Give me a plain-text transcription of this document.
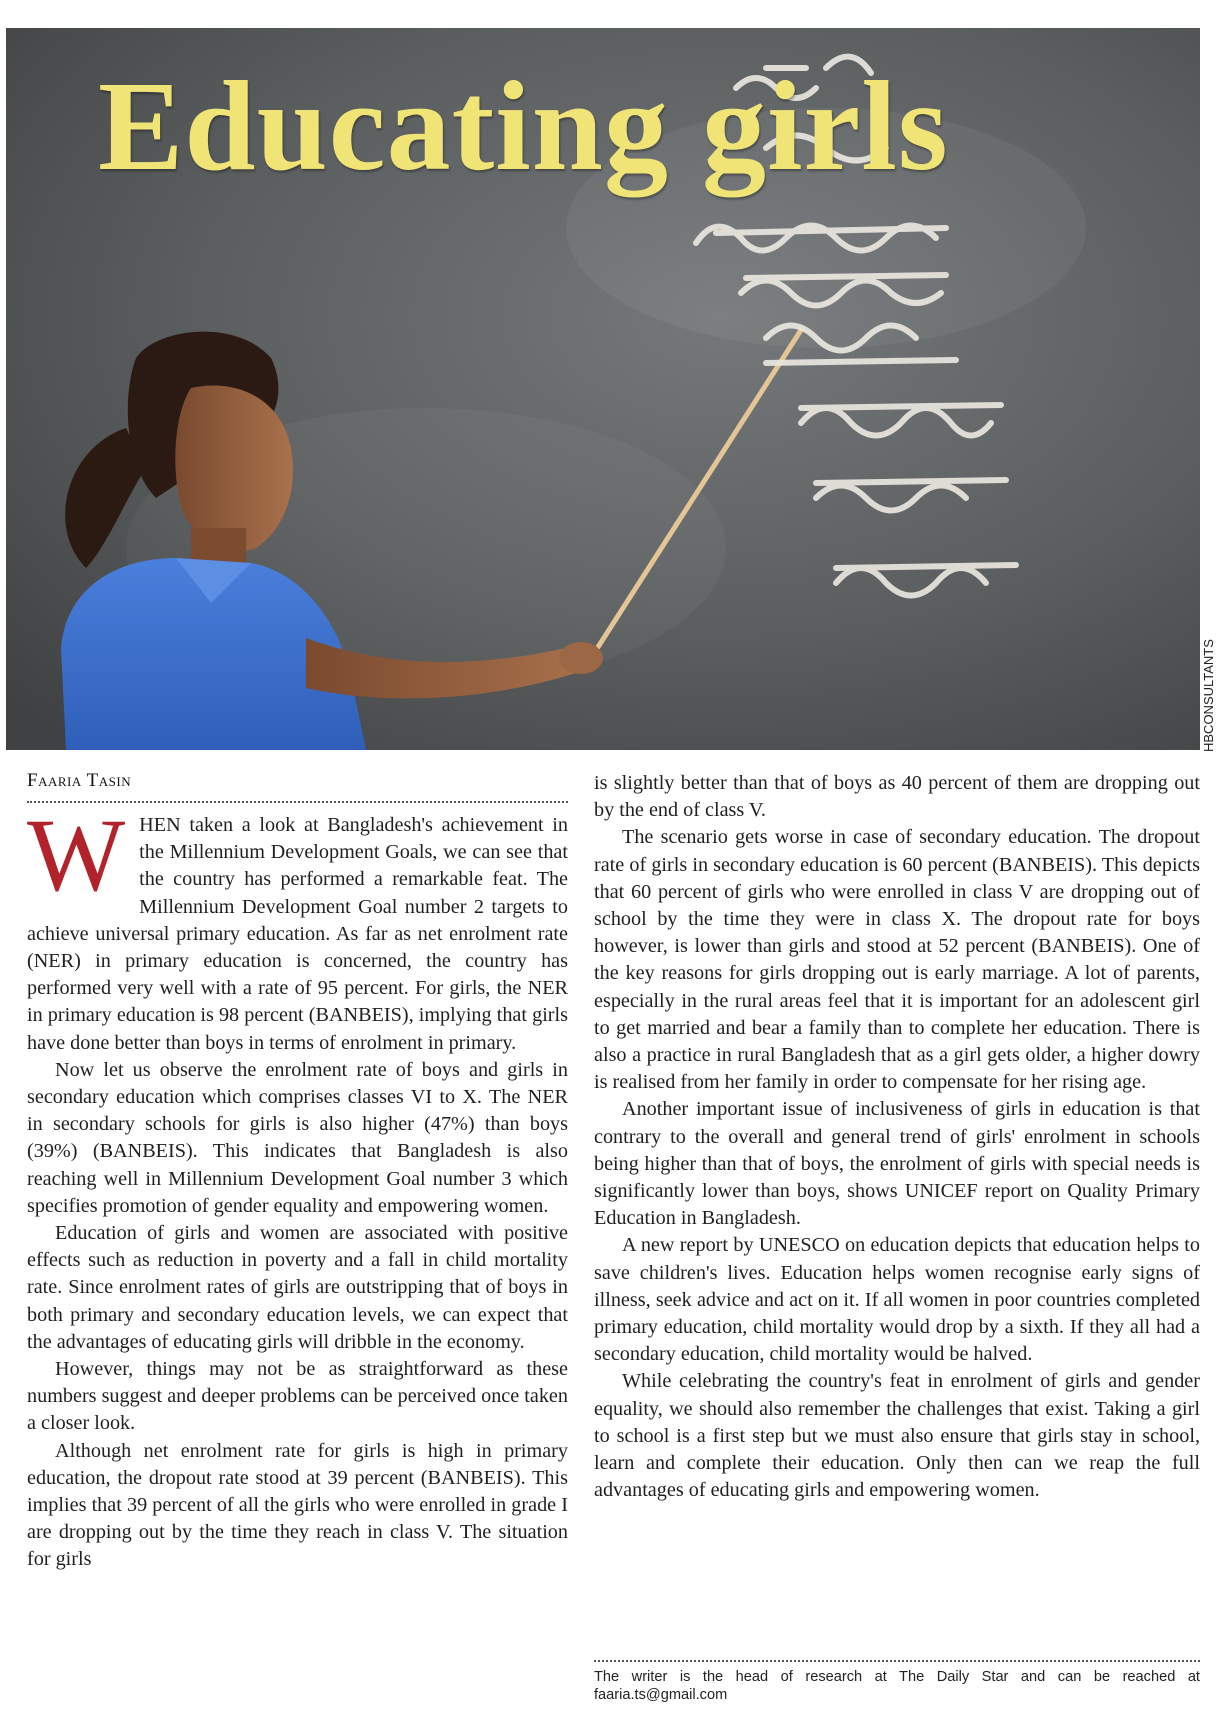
Educating girls
HBCONSULTANTS
Faaria Tasin

WHEN taken a look at Bangladesh's achievement in the Millennium Development Goals, we can see that the country has performed a remarkable feat. The Millennium Development Goal number 2 targets to achieve universal primary education. As far as net enrolment rate (NER) in primary education is concerned, the country has performed very well with a rate of 95 percent. For girls, the NER in primary education is 98 percent (BANBEIS), implying that girls have done better than boys in terms of enrolment in primary.

Now let us observe the enrolment rate of boys and girls in secondary education which comprises classes VI to X. The NER in secondary schools for girls is also higher (47%) than boys (39%) (BANBEIS). This indicates that Bangladesh is also reaching well in Millennium Development Goal number 3 which specifies promotion of gender equality and empowering women.

Education of girls and women are associated with positive effects such as reduction in poverty and a fall in child mortality rate. Since enrolment rates of girls are outstripping that of boys in both primary and secondary education levels, we can expect that the advantages of educating girls will dribble in the economy.

However, things may not be as straightforward as these numbers suggest and deeper problems can be perceived once taken a closer look.

Although net enrolment rate for girls is high in primary education, the dropout rate stood at 39 percent (BANBEIS). This implies that 39 percent of all the girls who were enrolled in grade I are dropping out by the time they reach in class V. The situation for girls

is slightly better than that of boys as 40 percent of them are dropping out by the end of class V.

The scenario gets worse in case of secondary education. The dropout rate of girls in secondary education is 60 percent (BANBEIS). This depicts that 60 percent of girls who were enrolled in class V are dropping out of school by the time they were in class X. The dropout rate for boys however, is lower than girls and stood at 52 percent (BANBEIS). One of the key reasons for girls dropping out is early marriage. A lot of parents, especially in the rural areas feel that it is important for an adolescent girl to get married and bear a family than to complete her education. There is also a practice in rural Bangladesh that as a girl gets older, a higher dowry is realised from her family in order to compensate for her rising age.

Another important issue of inclusiveness of girls in education is that contrary to the overall and general trend of girls' enrolment in schools being higher than that of boys, the enrolment of girls with special needs is significantly lower than boys, shows UNICEF report on Quality Primary Education in Bangladesh.

A new report by UNESCO on education depicts that education helps to save children's lives. Education helps women recognise early signs of illness, seek advice and act on it. If all women in poor countries completed primary education, child mortality would drop by a sixth. If they all had a secondary education, child mortality would be halved.

While celebrating the country's feat in enrolment of girls and gender equality, we should also remember the challenges that exist. Taking a girl to school is a first step but we must also ensure that girls stay in school, learn and complete their education. Only then can we reap the full advantages of educating girls and empowering women.

The writer is the head of research at The Daily Star and can be reached at faaria.ts@gmail.com
